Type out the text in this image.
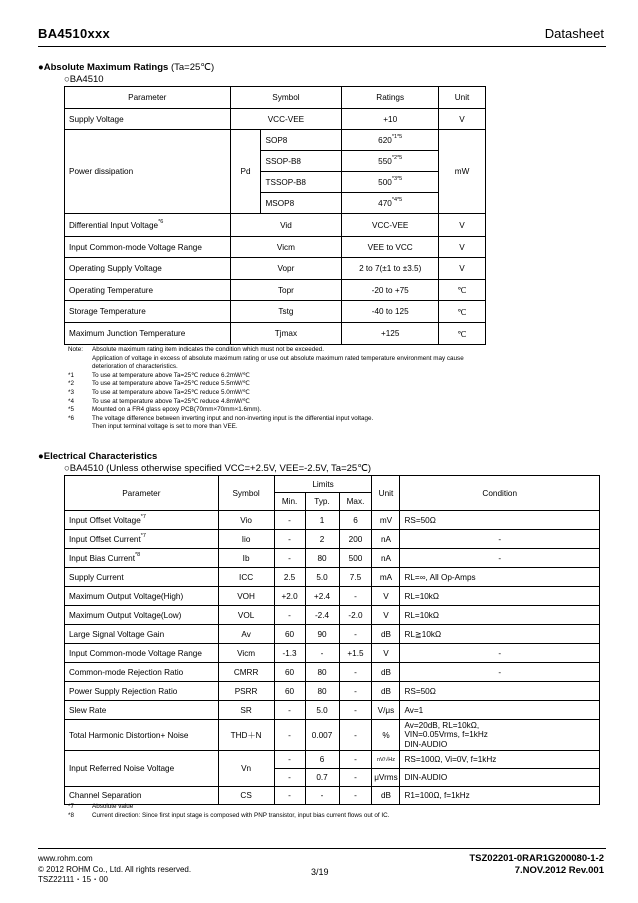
BA4510xxx	Datasheet
●Absolute Maximum Ratings (Ta=25℃)
○BA4510
Parameter	Symbol		Ratings	Unit
Supply Voltage	VCC-VEE		+10	V
Power dissipation	Pd	SOP8	$620^{*1*5}$	mW
		SSOP-B8	$550^{*2*5}$
		TSSOP-B8	$500^{*3*5}$
		MSOP8	$470^{*4*5}$
Differential Input Voltage$^{*6}$	Vid		VCC-VEE	V
Input Common-mode Voltage Range	Vicm		VEE to VCC	V
Operating Supply Voltage	Vopr		2 to 7(±1 to ±3.5)	V
Operating Temperature	Topr		-20 to +75	℃
Storage Temperature	Tstg		-40 to 125	℃
Maximum Junction Temperature	Tjmax		+125	℃
Note:	Absolute maximum rating item indicates the condition which must not be exceeded.
Application of voltage in excess of absolute maximum rating or use out absolute maximum rated temperature environment may cause
deterioration of characteristics.
*1	To use at temperature above Ta=25℃ reduce 6.2mW/℃
*2	To use at temperature above Ta=25℃ reduce 5.5mW/℃
*3	To use at temperature above Ta=25℃ reduce 5.0mW/℃
*4	To use at temperature above Ta=25℃ reduce 4.8mW/℃
*5	Mounted on a FR4 glass epoxy PCB(70mm×70mm×1.6mm).
*6	The voltage difference between inverting input and non-inverting input is the differential input voltage.
Then input terminal voltage is set to more than VEE.
●Electrical Characteristics
○BA4510 (Unless otherwise specified VCC=+2.5V, VEE=-2.5V, Ta=25℃)
Parameter	Symbol	Limits			Unit	Condition
		Min.	Typ.	Max.		
Input Offset Voltage$^{*7}$	Vio	-	1	6	mV	RS=50Ω
Input Offset Current$^{*7}$	Iio	-	2	200	nA	-
Input Bias Current$^{*8}$	Ib	-	80	500	nA	-
Supply Current	ICC	2.5	5.0	7.5	mA	RL=∞, All Op-Amps
Maximum Output Voltage(High)	VOH	+2.0	+2.4	-	V	RL=10kΩ
Maximum Output Voltage(Low)	VOL	-	-2.4	-2.0	V	RL=10kΩ
Large Signal Voltage Gain	Av	60	90	-	dB	RL≧10kΩ
Input Common-mode Voltage Range	Vicm	-1.3	-	+1.5	V	-
Common-mode Rejection Ratio	CMRR	60	80	-	dB	-
Power Supply Rejection Ratio	PSRR	60	80	-	dB	RS=50Ω
Slew Rate	SR	-	5.0	-	V/μs	Av=1
Total Harmonic Distortion+ Noise	THD＋N	-	0.007	-	%	Av=20dB, RL=10kΩ,
VIN=0.05Vrms, f=1kHz
DIN-AUDIO

Input Referred Noise Voltage	Vn	-	6	-	nV/√Hz	RS=100Ω, Vi=0V, f=1kHz
		-	0.7	-	μVrms	DIN-AUDIO
Channel Separation	CS	-	-	-	dB	R1=100Ω, f=1kHz
*7	Absolute value
*8	Current direction: Since first input stage is composed with PNP transistor, input bias current flows out of IC.
www.rohm.com
© 2012 ROHM Co., Ltd. All rights reserved.
TSZ22111・15・00
3/19
TSZ02201-0RAR1G200080-1-2
7.NOV.2012 Rev.001
